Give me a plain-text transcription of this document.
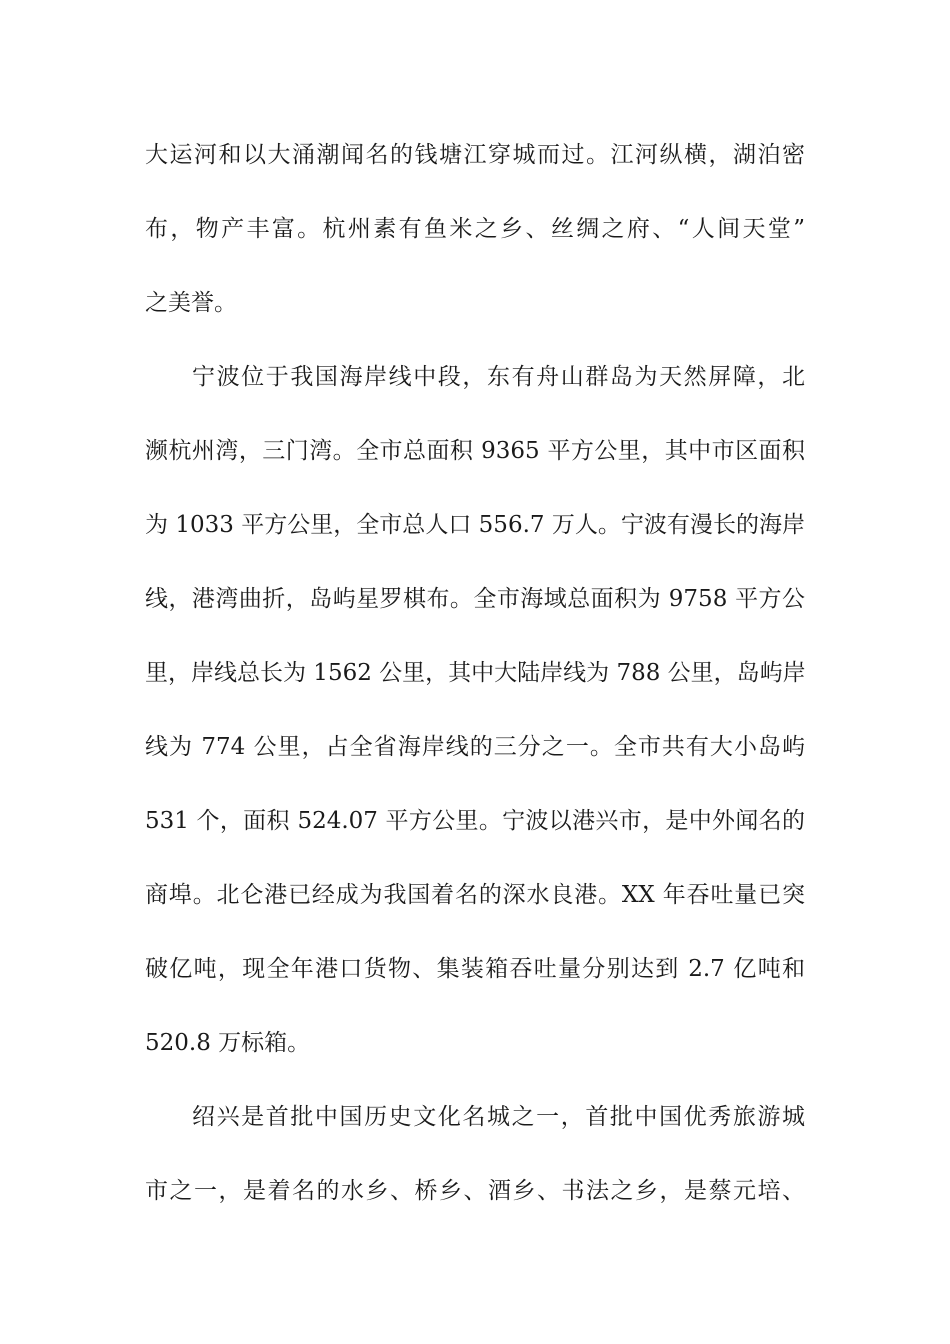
大运河和以大涌潮闻名的钱塘江穿城而过。江河纵横，湖泊密
布，物产丰富。杭州素有鱼米之乡、丝绸之府、“人间天堂”
之美誉。
宁波位于我国海岸线中段，东有舟山群岛为天然屏障，北
濒杭州湾，三门湾。全市总面积 9365 平方公里，其中市区面积
为 1033 平方公里，全市总人口 556.7 万人。宁波有漫长的海岸
线，港湾曲折，岛屿星罗棋布。全市海域总面积为 9758 平方公
里，岸线总长为 1562 公里，其中大陆岸线为 788 公里，岛屿岸
线为 774 公里，占全省海岸线的三分之一。全市共有大小岛屿
531 个，面积 524.07 平方公里。宁波以港兴市，是中外闻名的
商埠。北仑港已经成为我国着名的深水良港。XX 年吞吐量已突
破亿吨，现全年港口货物、集装箱吞吐量分别达到 2.7 亿吨和
520.8 万标箱。
绍兴是首批中国历史文化名城之一，首批中国优秀旅游城
市之一，是着名的水乡、桥乡、酒乡、书法之乡，是蔡元培、
